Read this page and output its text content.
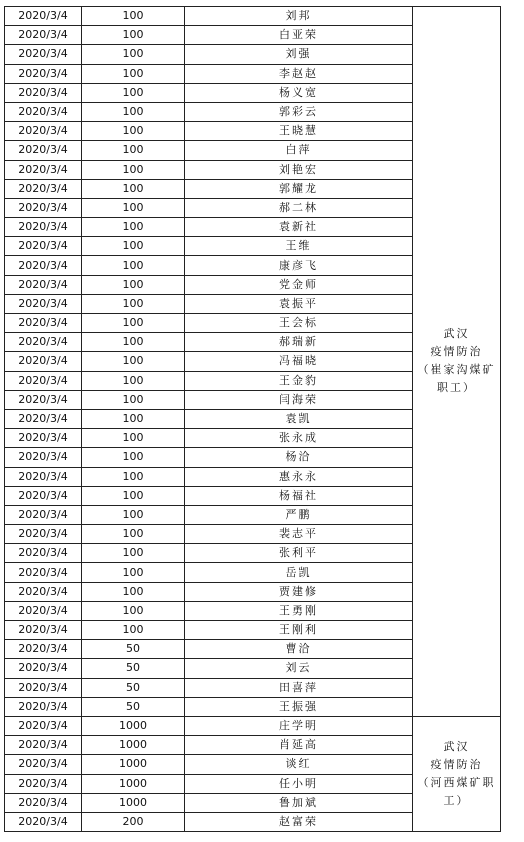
2020/3/4	100	刘邦	武汉
疫情防治
（崔家沟煤矿
职工）

2020/3/4	100	白亚荣	
2020/3/4	100	刘强	
2020/3/4	100	李赵赵	
2020/3/4	100	杨义宽	
2020/3/4	100	郭彩云	
2020/3/4	100	王晓慧	
2020/3/4	100	白萍	
2020/3/4	100	刘艳宏	
2020/3/4	100	郭耀龙	
2020/3/4	100	郝二林	
2020/3/4	100	袁新社	
2020/3/4	100	王维	
2020/3/4	100	康彦飞	
2020/3/4	100	党金师	
2020/3/4	100	袁振平	
2020/3/4	100	王会标	
2020/3/4	100	郝瑞新	
2020/3/4	100	冯福晓	
2020/3/4	100	王金豹	
2020/3/4	100	闫海荣	
2020/3/4	100	袁凯	
2020/3/4	100	张永成	
2020/3/4	100	杨洽	
2020/3/4	100	惠永永	
2020/3/4	100	杨福社	
2020/3/4	100	严鹏	
2020/3/4	100	裴志平	
2020/3/4	100	张利平	
2020/3/4	100	岳凯	
2020/3/4	100	贾建修	
2020/3/4	100	王勇刚	
2020/3/4	100	王刚利	
2020/3/4	50	曹洽	
2020/3/4	50	刘云	
2020/3/4	50	田喜萍	
2020/3/4	50	王振强	
2020/3/4	1000	庄学明	武汉
疫情防治
（河西煤矿职
工）

2020/3/4	1000	肖延高	
2020/3/4	1000	谈红	
2020/3/4	1000	任小明	
2020/3/4	1000	鲁加斌	
2020/3/4	200	赵富荣	
